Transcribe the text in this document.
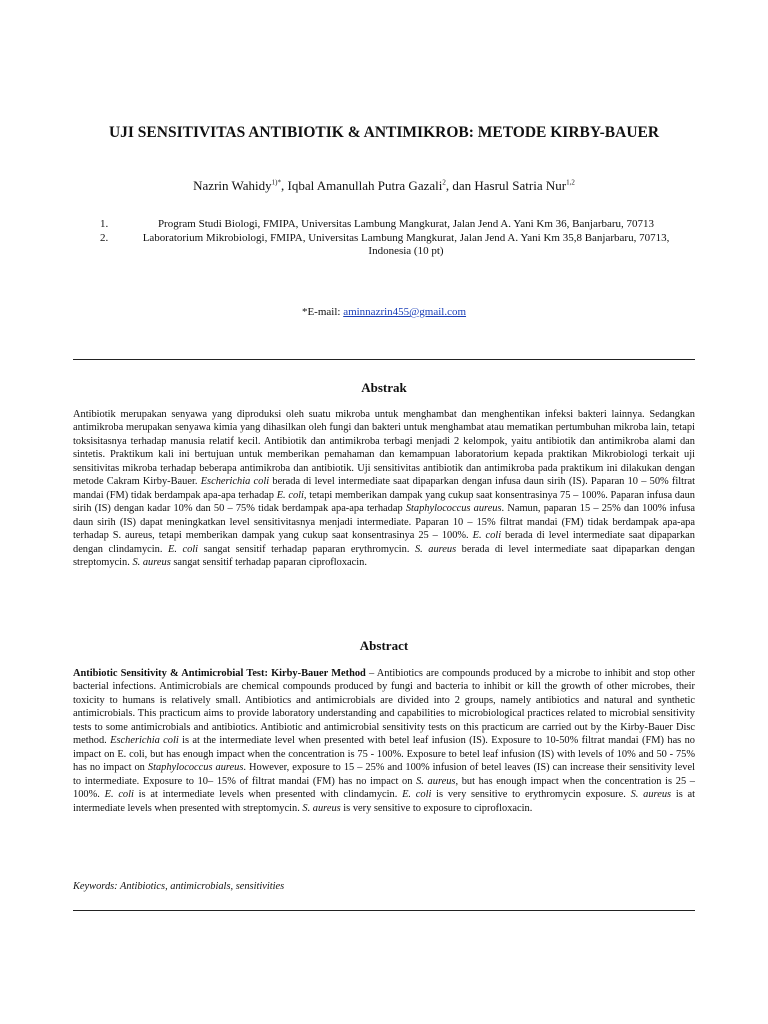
UJI SENSITIVITAS ANTIBIOTIK & ANTIMIKROB: METODE KIRBY-BAUER
Nazrin Wahidy$^{1)*}$, Iqbal Amanullah Putra Gazali$^2$, dan Hasrul Satria Nur$^{1,2}$
1.	Program Studi Biologi, FMIPA, Universitas Lambung Mangkurat, Jalan Jend A. Yani Km 36, Banjarbaru, 70713
2.	Laboratorium Mikrobiologi, FMIPA, Universitas Lambung Mangkurat, Jalan Jend A. Yani Km 35,8 Banjarbaru, 70713, Indonesia (10 pt)
*E-mail: aminnazrin455@gmail.com
Abstrak

Antibiotik merupakan senyawa yang diproduksi oleh suatu mikroba untuk menghambat dan menghentikan infeksi bakteri lainnya. Sedangkan antimikroba merupakan senyawa kimia yang dihasilkan oleh fungi dan bakteri untuk menghambat atau mematikan pertumbuhan mikroba lain, tetapi toksisitasnya terhadap manusia relatif kecil. Antibiotik dan antimikroba terbagi menjadi 2 kelompok, yaitu antibiotik dan antimikroba alami dan sintetis. Praktikum kali ini bertujuan untuk memberikan pemahaman dan kemampuan laboratorium kepada praktikan Mikrobiologi terkait uji sensitivitas mikroba terhadap beberapa antimikroba dan antibiotik. Uji sensitivitas antibiotik dan antimikroba pada praktikum ini dilakukan dengan metode Cakram Kirby-Bauer. Escherichia coli berada di level intermediate saat dipaparkan dengan infusa daun sirih (IS). Paparan 10 – 50% filtrat mandai (FM) tidak berdampak apa-apa terhadap E. coli, tetapi memberikan dampak yang cukup saat konsentrasinya 75 – 100%. Paparan infusa daun sirih (IS) dengan kadar 10% dan 50 – 75% tidak berdampak apa-apa terhadap Staphylococcus aureus. Namun, paparan 15 – 25% dan 100% infusa daun sirih (IS) dapat meningkatkan level sensitivitasnya menjadi intermediate. Paparan 10 – 15% filtrat mandai (FM) tidak berdampak apa-apa terhadap S. aureus, tetapi memberikan dampak yang cukup saat konsentrasinya 25 – 100%. E. coli berada di level intermediate saat dipaparkan dengan clindamycin. E. coli sangat sensitif terhadap paparan erythromycin. S. aureus berada di level intermediate saat dipaparkan dengan streptomycin. S. aureus sangat sensitif terhadap paparan ciprofloxacin.

Abstract

Antibiotic Sensitivity & Antimicrobial Test: Kirby-Bauer Method – Antibiotics are compounds produced by a microbe to inhibit and stop other bacterial infections. Antimicrobials are chemical compounds produced by fungi and bacteria to inhibit or kill the growth of other microbes, their toxicity to humans is relatively small. Antibiotics and antimicrobials are divided into 2 groups, namely antibiotics and natural and synthetic antimicrobials. This practicum aims to provide laboratory understanding and capabilities to microbiological practices related to microbial sensitivity tests to some antimicrobials and antibiotics. Antibiotic and antimicrobial sensitivity tests on this practicum are carried out by the Kirby-Bauer Disc method. Escherichia coli is at the intermediate level when presented with betel leaf infusion (IS). Exposure to 10-50% filtrat mandai (FM) has no impact on E. coli, but has enough impact when the concentration is 75 - 100%. Exposure to betel leaf infusion (IS) with levels of 10% and 50 - 75% has no impact on Staphylococcus aureus. However, exposure to 15 – 25% and 100% infusion of betel leaves (IS) can increase their sensitivity level to intermediate. Exposure to 10– 15% of filtrat mandai (FM) has no impact on S. aureus, but has enough impact when the concentration is 25 – 100%. E. coli is at intermediate levels when presented with clindamycin. E. coli is very sensitive to erythromycin exposure. S. aureus is at intermediate levels when presented with streptomycin. S. aureus is very sensitive to exposure to ciprofloxacin.

Keywords: Antibiotics, antimicrobials, sensitivities
